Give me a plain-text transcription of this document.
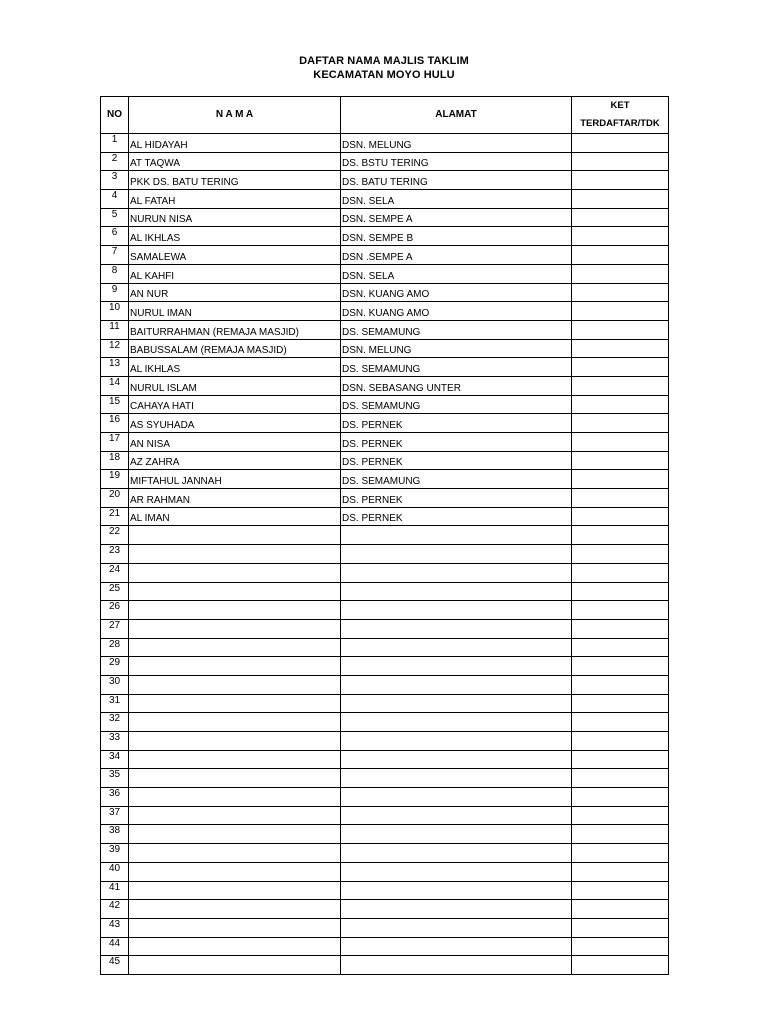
DAFTAR NAMA MAJLIS TAKLIM
KECAMATAN MOYO HULU
NO	N A M A	ALAMAT	KET
TERDAFTAR/TDK

1	AL HIDAYAH	DSN. MELUNG	
2	AT TAQWA	DS. BSTU TERING	
3	PKK DS. BATU TERING	DS. BATU TERING	
4	AL FATAH	DSN. SELA	
5	NURUN NISA	DSN. SEMPE A	
6	AL IKHLAS	DSN. SEMPE B	
7	SAMALEWA	DSN .SEMPE A	
8	AL KAHFI	DSN. SELA	
9	AN NUR	DSN. KUANG AMO	
10	NURUL IMAN	DSN. KUANG AMO	
11	BAITURRAHMAN (REMAJA MASJID)	DS. SEMAMUNG	
12	BABUSSALAM (REMAJA MASJID)	DSN. MELUNG	
13	AL IKHLAS	DS. SEMAMUNG	
14	NURUL ISLAM	DSN. SEBASANG UNTER	
15	CAHAYA HATI	DS. SEMAMUNG	
16	AS SYUHADA	DS. PERNEK	
17	AN NISA	DS. PERNEK	
18	AZ ZAHRA	DS. PERNEK	
19	MIFTAHUL JANNAH	DS. SEMAMUNG	
20	AR RAHMAN	DS. PERNEK	
21	AL IMAN	DS. PERNEK	
22			
23			
24			
25			
26			
27			
28			
29			
30			
31			
32			
33			
34			
35			
36			
37			
38			
39			
40			
41			
42			
43			
44			
45			
